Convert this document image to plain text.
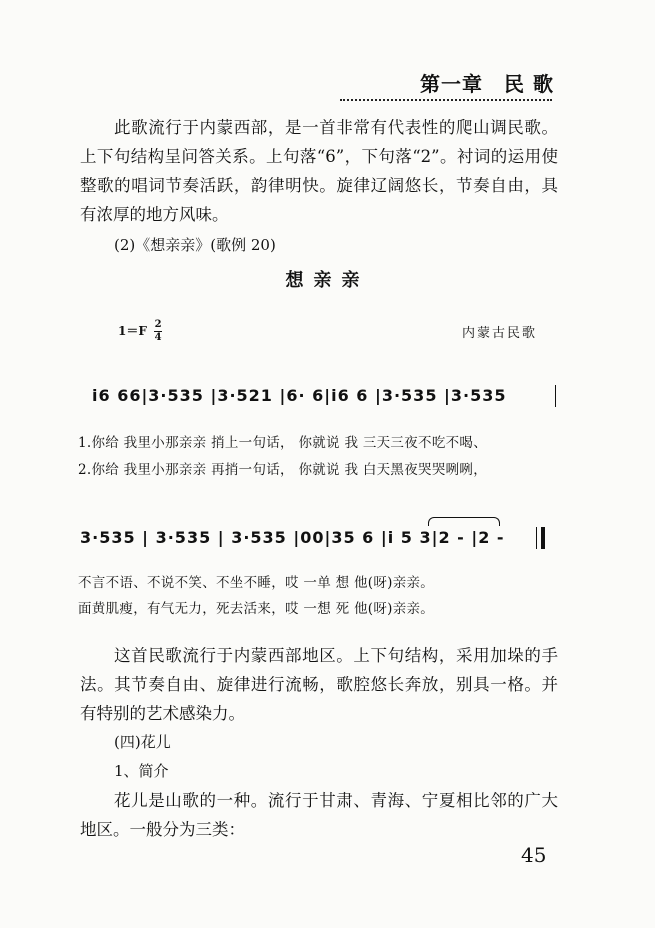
第一章　民 歌

此歌流行于内蒙西部，是一首非常有代表性的爬山调民歌。上下句结构呈问答关系。上句落“6”，下句落“2”。衬词的运用使整歌的唱词节奏活跃，韵律明快。旋律辽阔悠长，节奏自由，具有浓厚的地方风味。

(2)《想亲亲》(歌例 20)

想亲亲
$1=F \frac{2}{4}$	内蒙古民歌
i6 66|3·535 |3·521 |6· 6|i6 6 |3·535 |3·535
1.你给 我里小那亲亲 捎上一句话， 你就说 我 三天三夜不吃不喝、
2.你给 我里小那亲亲 再捎一句话， 你就说 我 白天黑夜哭哭咧咧，
3·535 | 3·535 | 3·535 |00|35 6 |i 5 3|2 - |2 -
不言不语、不说不笑、不坐不睡，哎 一单 想 他(呀)亲亲。
面黄肌瘦，有气无力，死去活来，哎 一想 死 他(呀)亲亲。

这首民歌流行于内蒙西部地区。上下句结构，采用加垛的手法。其节奏自由、旋律进行流畅，歌腔悠长奔放，别具一格。并有特别的艺术感染力。

(四)花儿

1、简介

花儿是山歌的一种。流行于甘肃、青海、宁夏相比邻的广大地区。一般分为三类：

45
